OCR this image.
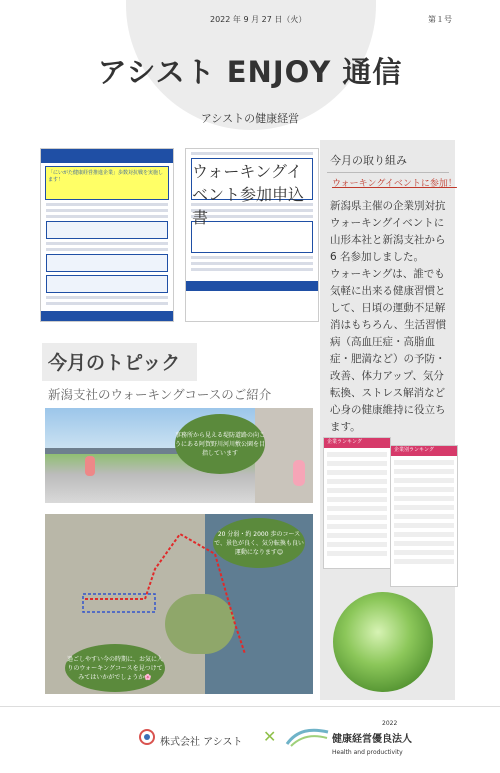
2022 年 9 月 27 日（火）	第１号
アシスト ENJOY 通信
アシストの健康経営
「にいがた健康経営推進企業」歩数対抗戦を実施します！	ウォーキングイベント参加申込書
今月の取り組み
ウォーキングイベントに参加！

新潟県主催の企業別対抗ウォーキングイベントに山形本社と新潟支社から 6 名参加しました。

ウォーキングは、誰でも気軽に出来る健康習慣として、日頃の運動不足解消はもちろん、生活習慣病（高血圧症・高脂血症・肥満など）の予防・改善、体力アップ、気分転換、ストレス解消など心身の健康維持に役立ちます。

企業ランキング
企業別ランキング
今月のトピック
新潟支社のウォーキングコースのご紹介
事務所から見える堤防道路の向こうにある阿賀野川河川敷公園を目指しています
20 分弱・約 2000 歩のコースで、景色が良く、気分転換も良い運動になります😊
過ごしやすい今の時期に、お気に入りのウォーキングコースを見つけてみてはいかがでしょうか🌸
株式会社 アシスト ✕
2022
健康経営優良法人
Health and productivity
